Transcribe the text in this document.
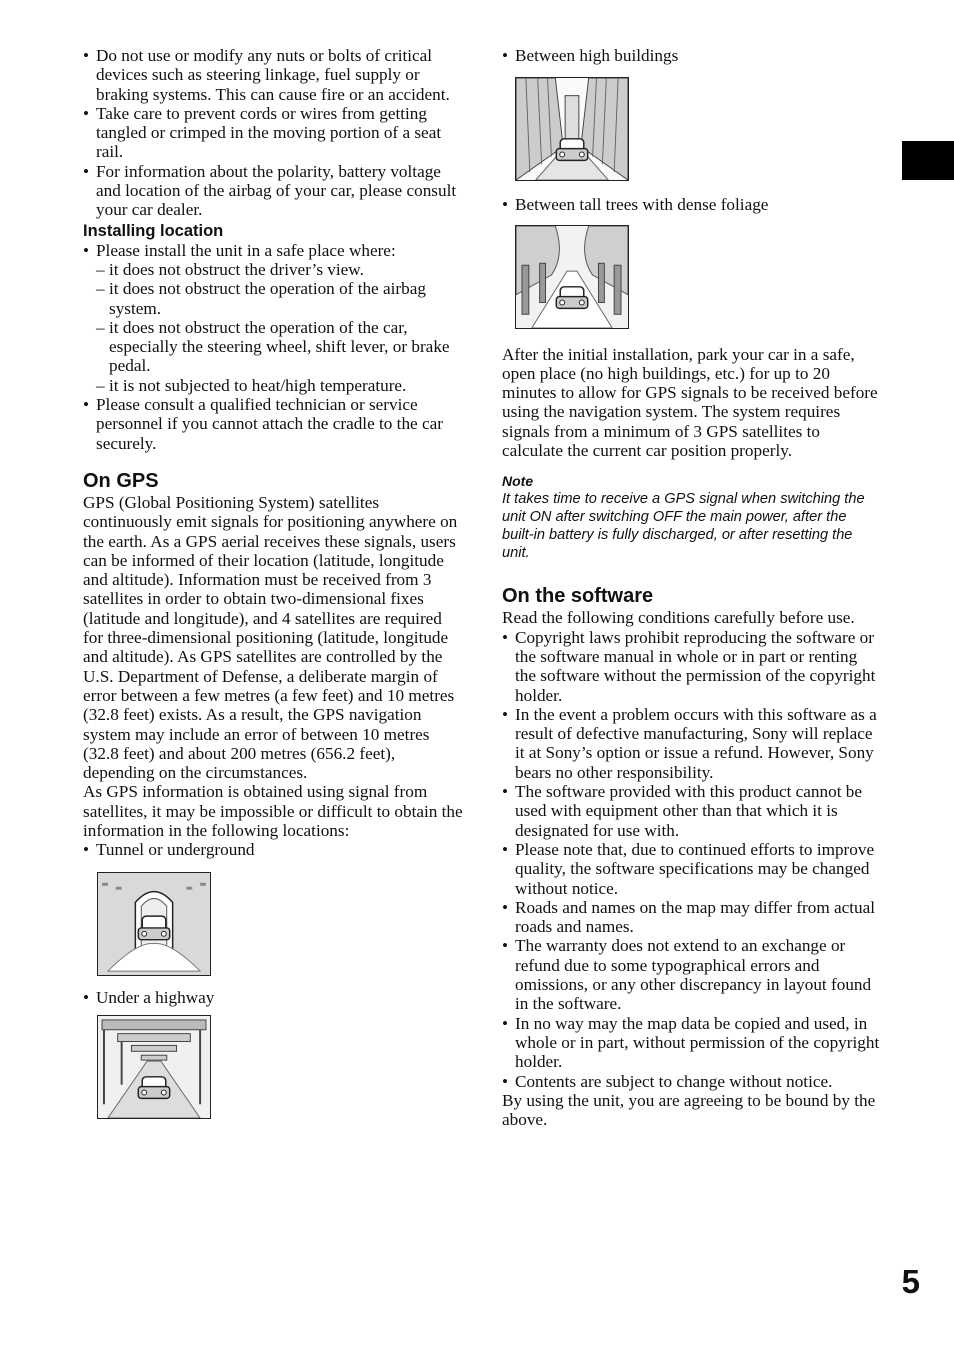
• Do not use or modify any nuts or bolts of critical devices such as steering linkage, fuel supply or braking systems. This can cause fire or an accident.

• Take care to prevent cords or wires from getting tangled or crimped in the moving portion of a seat rail.

• For information about the polarity, battery voltage and location of the airbag of your car, please consult your car dealer.

Installing location

• Please install the unit in a safe place where:

– it does not obstruct the driver’s view.

– it does not obstruct the operation of the airbag system.

– it does not obstruct the operation of the car, especially the steering wheel, shift lever, or brake pedal.

– it is not subjected to heat/high temperature.

• Please consult a qualified technician or service personnel if you cannot attach the cradle to the car securely.

On GPS

GPS (Global Positioning System) satellites continuously emit signals for positioning anywhere on the earth. As a GPS aerial receives these signals, users can be informed of their location (latitude, longitude and altitude). Information must be received from 3 satellites in order to obtain two-dimensional fixes (latitude and longitude), and 4 satellites are required for three-dimensional positioning (latitude, longitude and altitude). As GPS satellites are controlled by the U.S. Department of Defense, a deliberate margin of error between a few metres (a few feet) and 10 metres (32.8 feet) exists. As a result, the GPS navigation system may include an error of between 10 metres (32.8 feet) and about 200 metres (656.2 feet), depending on the circumstances.

As GPS information is obtained using signal from satellites, it may be impossible or difficult to obtain the information in the following locations:

• Tunnel or underground

• Under a highway

• Between high buildings

• Between tall trees with dense foliage

After the initial installation, park your car in a safe, open place (no high buildings, etc.) for up to 20 minutes to allow for GPS signals to be received before using the navigation system. The system requires signals from a minimum of 3 GPS satellites to calculate the current car position properly.

Note

It takes time to receive a GPS signal when switching the unit ON after switching OFF the main power, after the built-in battery is fully discharged, or after resetting the unit.

On the software

Read the following conditions carefully before use.

• Copyright laws prohibit reproducing the software or the software manual in whole or in part or renting the software without the permission of the copyright holder.

• In the event a problem occurs with this software as a result of defective manufacturing, Sony will replace it at Sony’s option or issue a refund. However, Sony bears no other responsibility.

• The software provided with this product cannot be used with equipment other than that which it is designated for use with.

• Please note that, due to continued efforts to improve quality, the software specifications may be changed without notice.

• Roads and names on the map may differ from actual roads and names.

• The warranty does not extend to an exchange or refund due to some typographical errors and omissions, or any other discrepancy in layout found in the software.

• In no way may the map data be copied and used, in whole or in part, without permission of the copyright holder.

• Contents are subject to change without notice.

By using the unit, you are agreeing to be bound by the above.

5
